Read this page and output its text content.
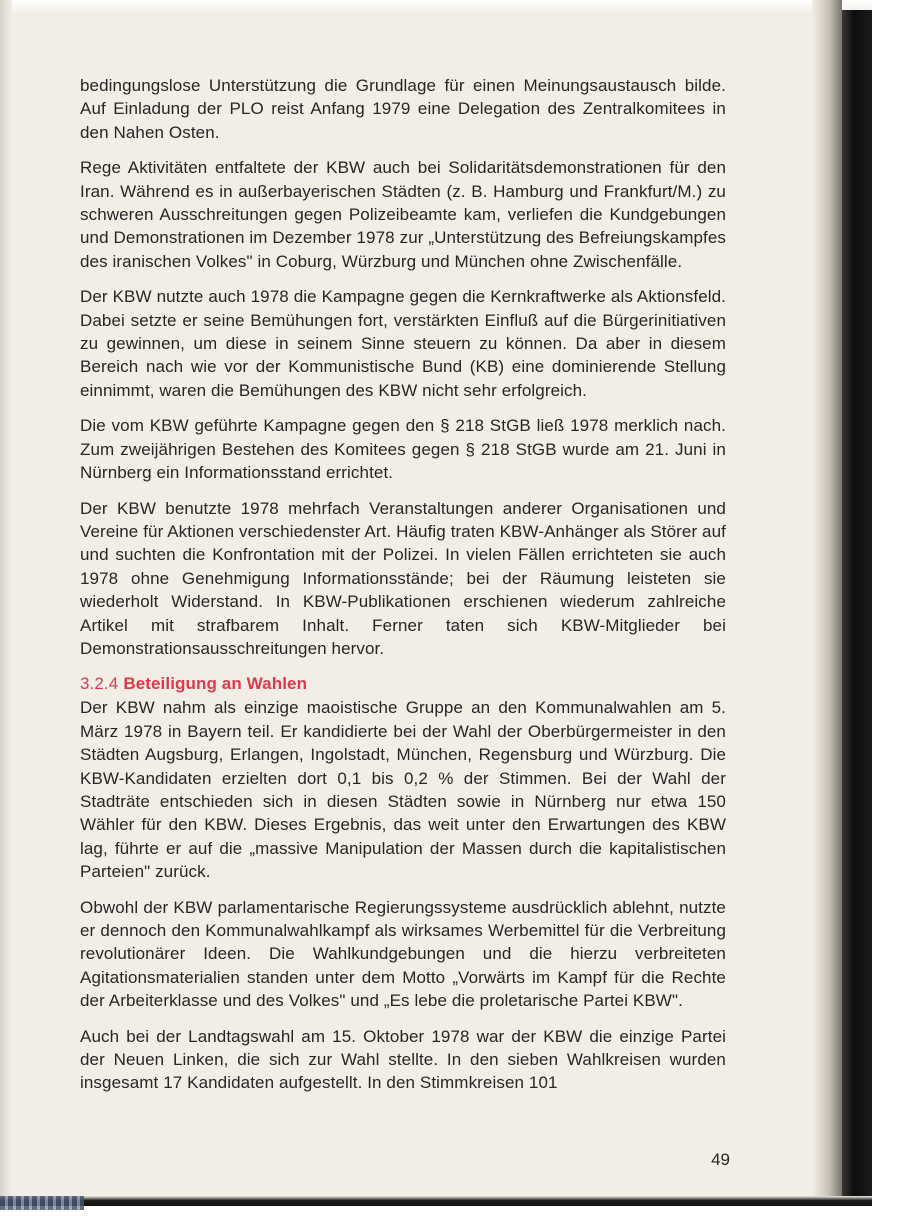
bedingungslose Unterstützung die Grundlage für einen Meinungsaustausch bilde. Auf Einladung der PLO reist Anfang 1979 eine Delegation des Zentralkomitees in den Nahen Osten.

Rege Aktivitäten entfaltete der KBW auch bei Solidaritätsdemonstrationen für den Iran. Während es in außerbayerischen Städten (z. B. Hamburg und Frankfurt/M.) zu schweren Ausschreitungen gegen Polizeibeamte kam, verliefen die Kundgebungen und Demonstrationen im Dezember 1978 zur „Unterstützung des Befreiungskampfes des iranischen Volkes" in Coburg, Würzburg und München ohne Zwischenfälle.

Der KBW nutzte auch 1978 die Kampagne gegen die Kernkraftwerke als Aktionsfeld. Dabei setzte er seine Bemühungen fort, verstärkten Einfluß auf die Bürgerinitiativen zu gewinnen, um diese in seinem Sinne steuern zu können. Da aber in diesem Bereich nach wie vor der Kommunistische Bund (KB) eine dominierende Stellung einnimmt, waren die Bemühungen des KBW nicht sehr erfolgreich.

Die vom KBW geführte Kampagne gegen den § 218 StGB ließ 1978 merklich nach. Zum zweijährigen Bestehen des Komitees gegen § 218 StGB wurde am 21. Juni in Nürnberg ein Informationsstand errichtet.

Der KBW benutzte 1978 mehrfach Veranstaltungen anderer Organisationen und Vereine für Aktionen verschiedenster Art. Häufig traten KBW-Anhänger als Störer auf und suchten die Konfrontation mit der Polizei. In vielen Fällen errichteten sie auch 1978 ohne Genehmigung Informationsstände; bei der Räumung leisteten sie wiederholt Widerstand. In KBW-Publikationen erschienen wiederum zahlreiche Artikel mit strafbarem Inhalt. Ferner taten sich KBW-Mitglieder bei Demonstrationsausschreitungen hervor.

3.2.4 Beteiligung an Wahlen

Der KBW nahm als einzige maoistische Gruppe an den Kommunalwahlen am 5. März 1978 in Bayern teil. Er kandidierte bei der Wahl der Oberbürgermeister in den Städten Augsburg, Erlangen, Ingolstadt, München, Regensburg und Würzburg. Die KBW-Kandidaten erzielten dort 0,1 bis 0,2 % der Stimmen. Bei der Wahl der Stadträte entschieden sich in diesen Städten sowie in Nürnberg nur etwa 150 Wähler für den KBW. Dieses Ergebnis, das weit unter den Erwartungen des KBW lag, führte er auf die „massive Manipulation der Massen durch die kapitalistischen Parteien" zurück.

Obwohl der KBW parlamentarische Regierungssysteme ausdrücklich ablehnt, nutzte er dennoch den Kommunalwahlkampf als wirksames Werbemittel für die Verbreitung revolutionärer Ideen. Die Wahlkundgebungen und die hierzu verbreiteten Agitationsmaterialien standen unter dem Motto „Vorwärts im Kampf für die Rechte der Arbeiterklasse und des Volkes" und „Es lebe die proletarische Partei KBW".

Auch bei der Landtagswahl am 15. Oktober 1978 war der KBW die einzige Partei der Neuen Linken, die sich zur Wahl stellte. In den sieben Wahlkreisen wurden insgesamt 17 Kandidaten aufgestellt. In den Stimmkreisen 101

49
